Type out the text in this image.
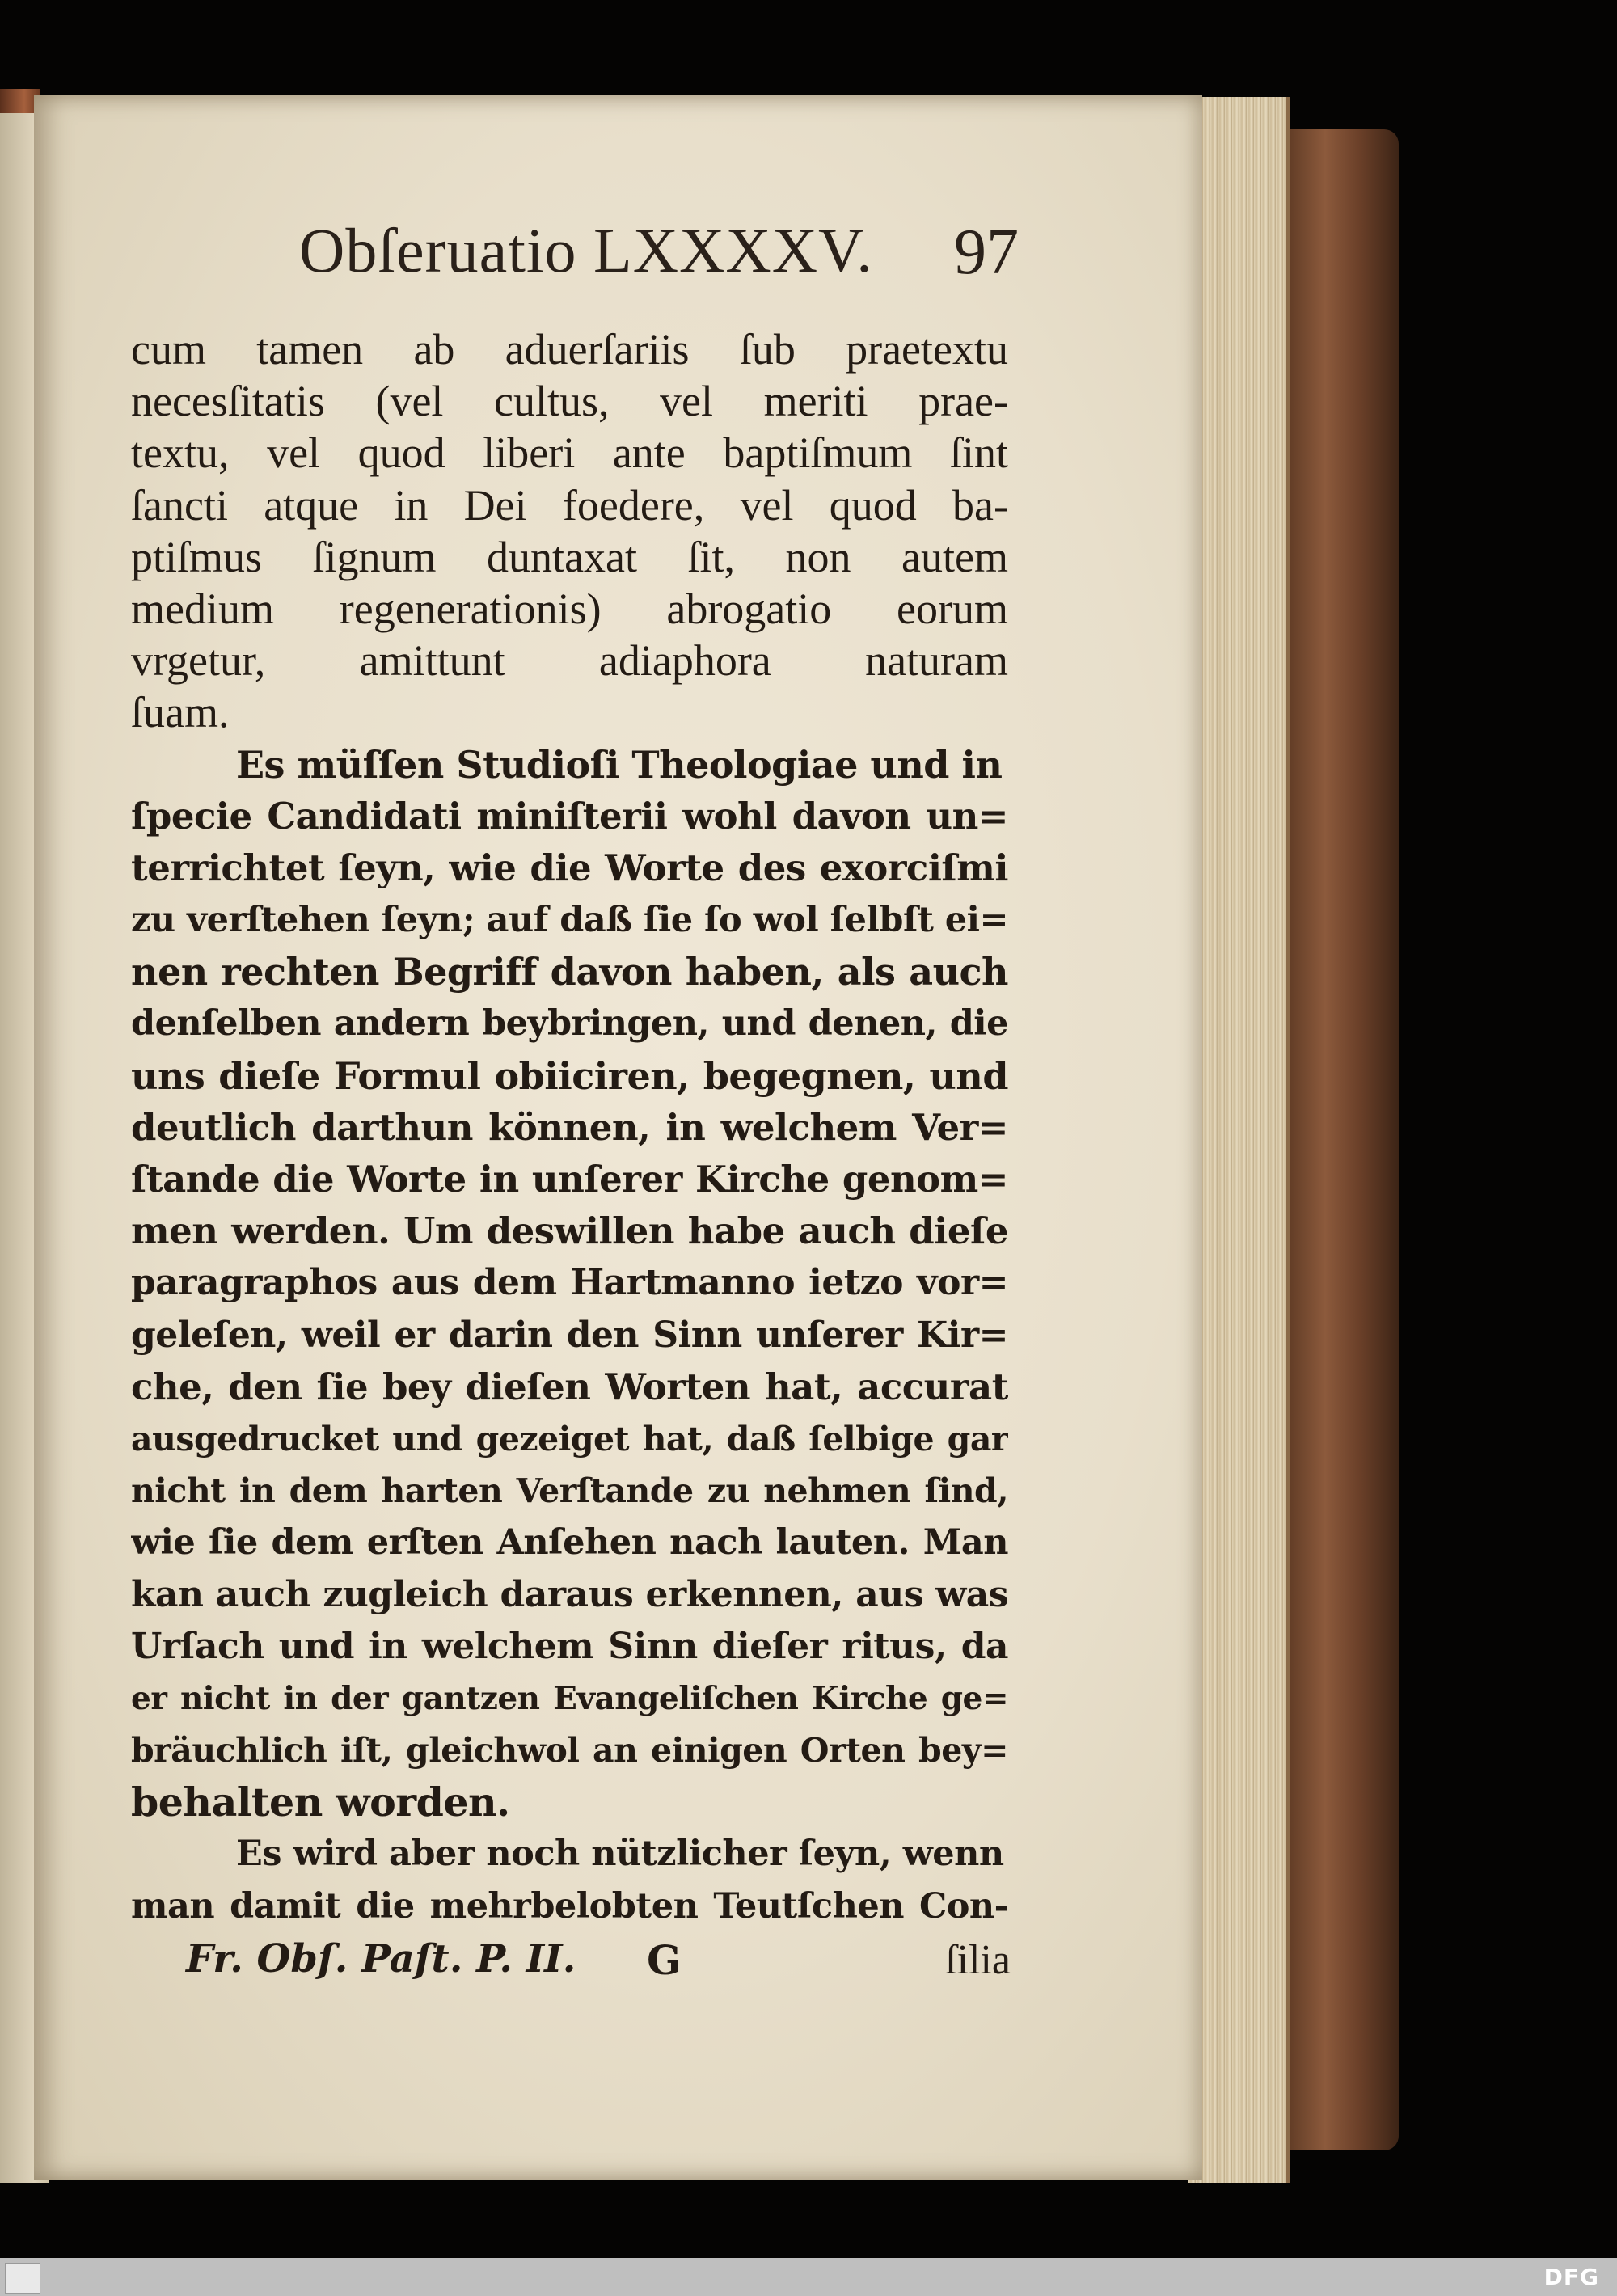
Obſeruatio LXXXXV. 97
cum tamen ab aduerſariis ſub praetextu
necesſitatis (vel cultus, vel meriti prae-
textu, vel quod liberi ante baptiſmum ſint
ſancti atque in Dei foedere, vel quod ba-
ptiſmus ſignum duntaxat ſit, non autem
medium regenerationis) abrogatio eorum
vrgetur, amittunt adiaphora naturam
ſuam.
Es müſſen Studioſi Theologiae und in
ſpecie Candidati miniſterii wohl davon un=
terrichtet ſeyn, wie die Worte des exorciſmi
zu verſtehen ſeyn; auf daß ſie ſo wol ſelbſt ei=
nen rechten Begriff davon haben, als auch
denſelben andern beybringen, und denen, die
uns dieſe Formul obiiciren, begegnen, und
deutlich darthun können, in welchem Ver=
ſtande die Worte in unſerer Kirche genom=
men werden. Um deswillen habe auch dieſe
paragraphos aus dem Hartmanno ietzo vor=
geleſen, weil er darin den Sinn unſerer Kir=
che, den ſie bey dieſen Worten hat, accurat
ausgedrucket und gezeiget hat, daß ſelbige gar
nicht in dem harten Verſtande zu nehmen ſind,
wie ſie dem erſten Anſehen nach lauten. Man
kan auch zugleich daraus erkennen, aus was
Urſach und in welchem Sinn dieſer ritus, da
er nicht in der gantzen Evangeliſchen Kirche ge=
bräuchlich iſt, gleichwol an einigen Orten bey=
behalten worden.
Es wird aber noch nützlicher ſeyn, wenn
man damit die mehrbelobten Teutſchen Con-
Fr. Obſ. Paſt. P. II. G	ſilia
DFG
